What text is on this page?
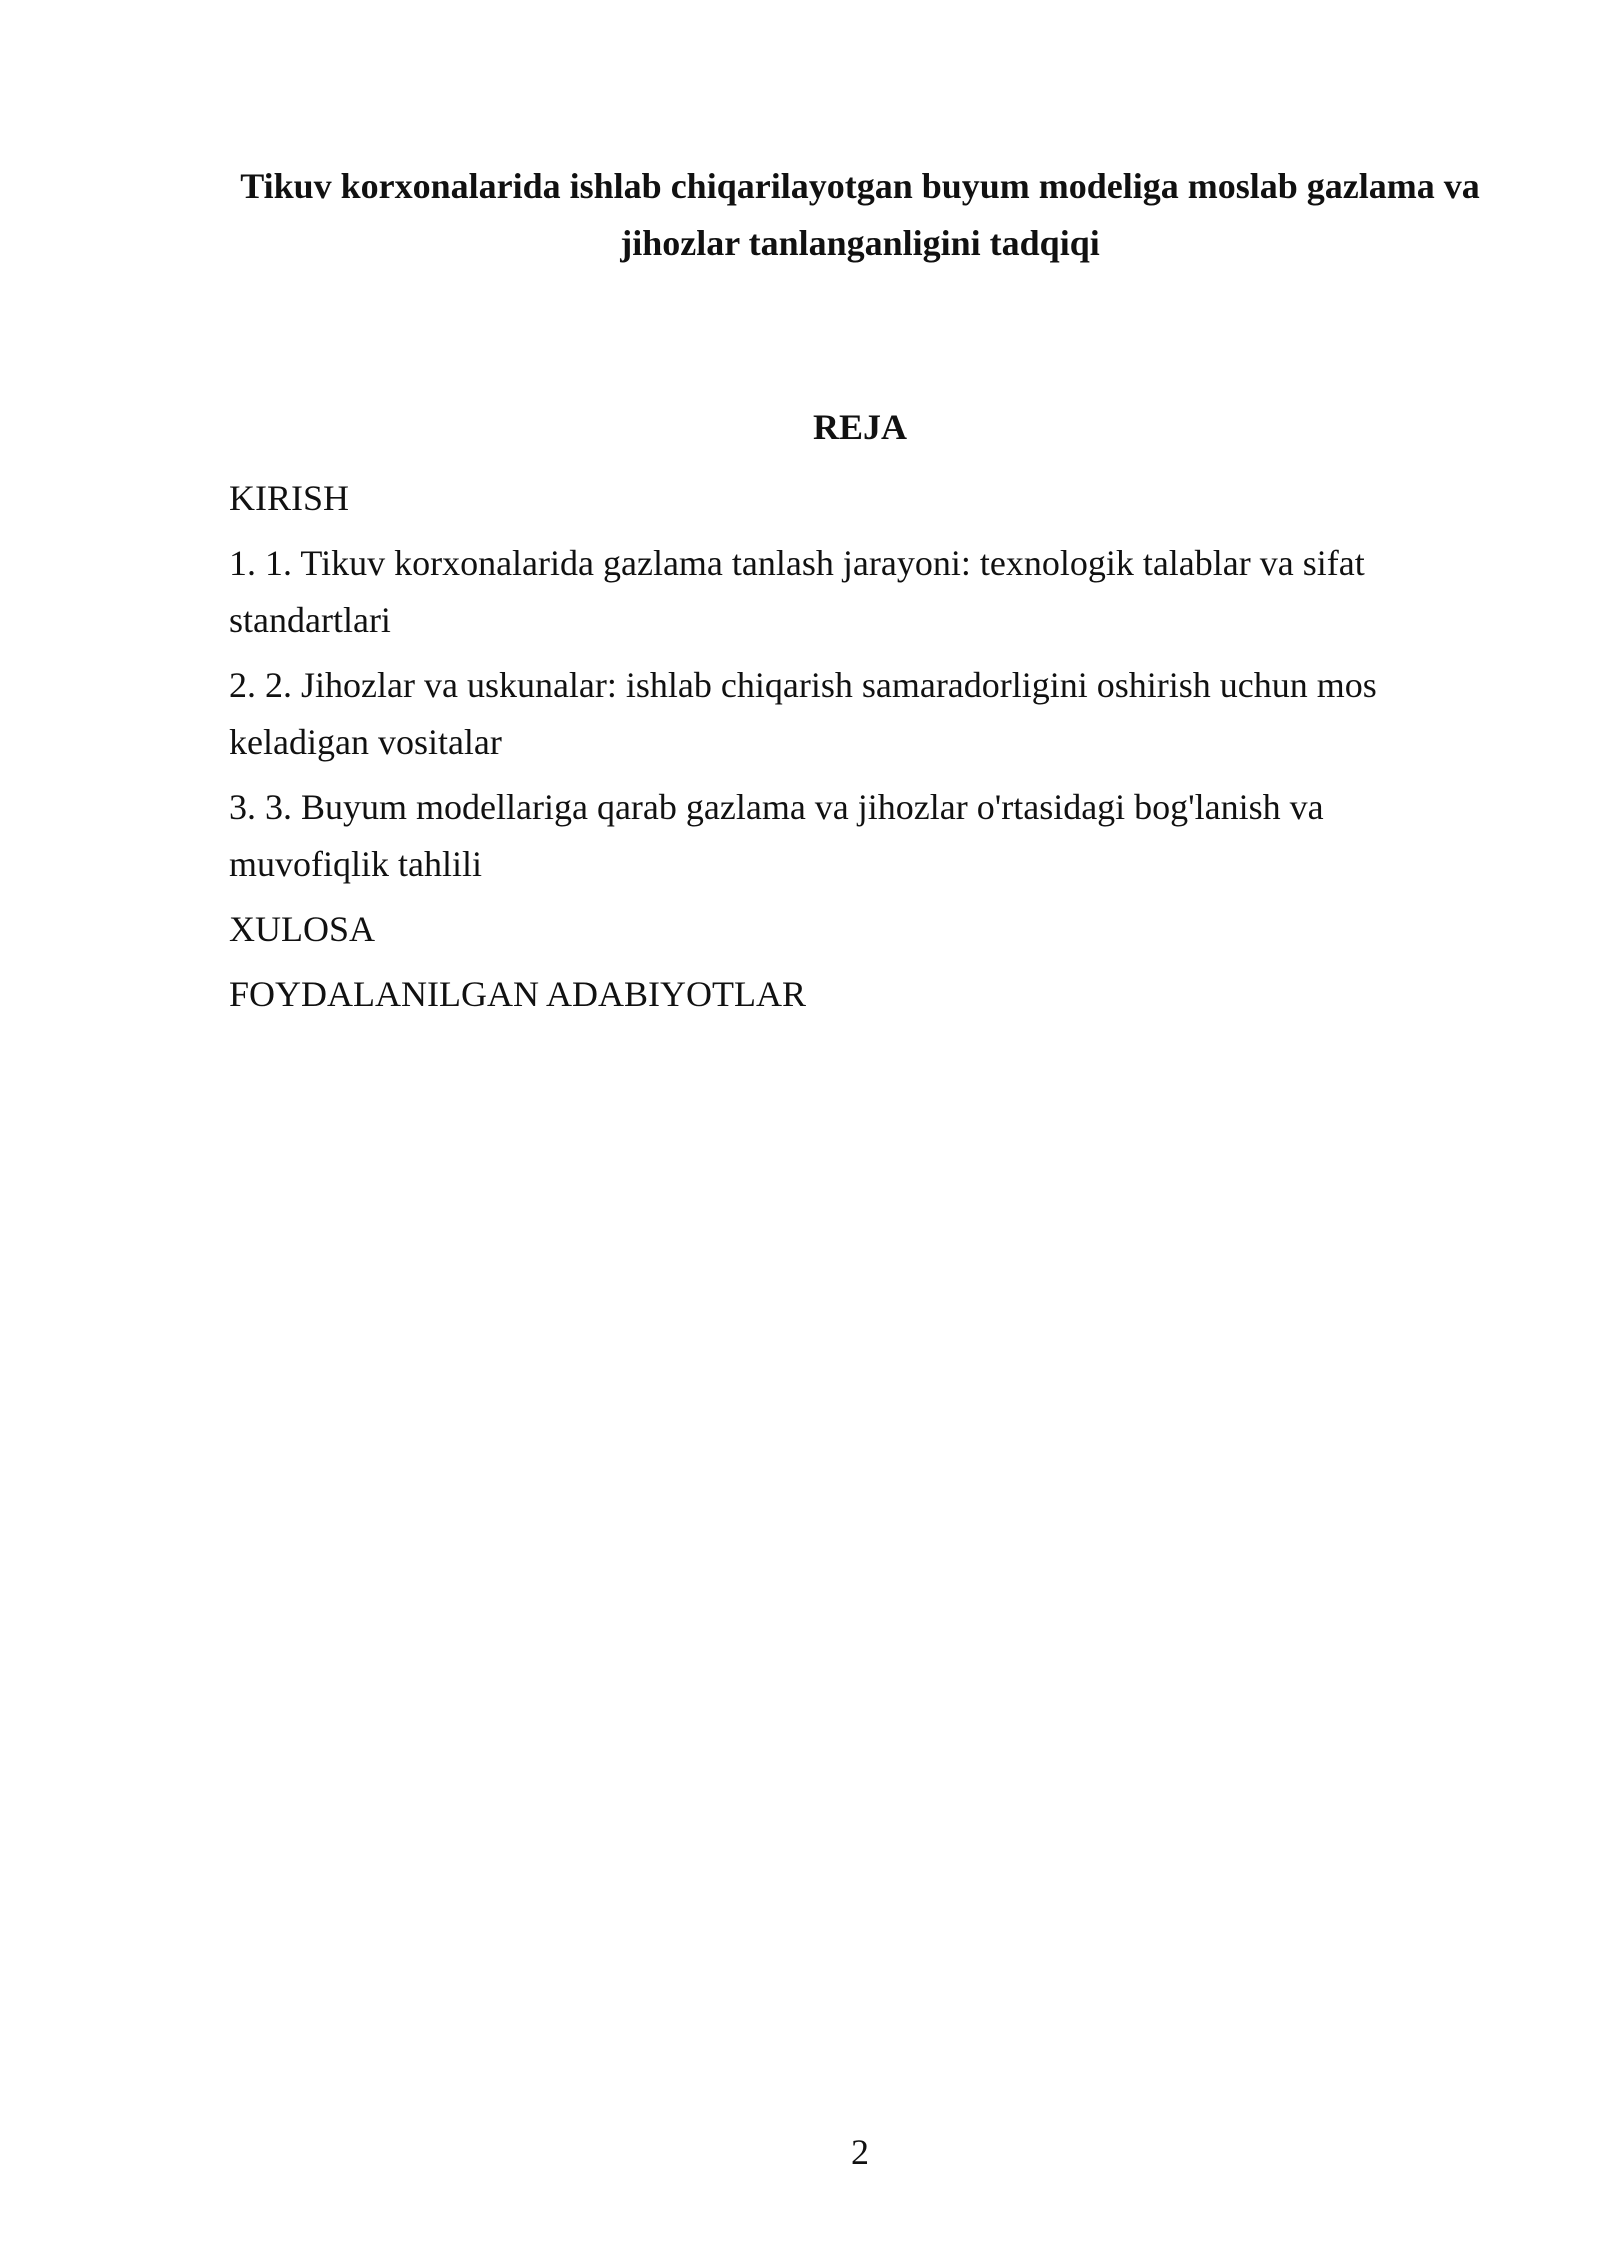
Tikuv korxonalarida ishlab chiqarilayotgan buyum modeliga moslab gazlama va jihozlar tanlanganligini tadqiqi
REJA
KIRISH
1. 1. Tikuv korxonalarida gazlama tanlash jarayoni: texnologik talablar va sifat standartlari
2. 2. Jihozlar va uskunalar: ishlab chiqarish samaradorligini oshirish uchun mos keladigan vositalar
3. 3. Buyum modellariga qarab gazlama va jihozlar o'rtasidagi bog'lanish va muvofiqlik tahlili
XULOSA
FOYDALANILGAN ADABIYOTLAR
2
